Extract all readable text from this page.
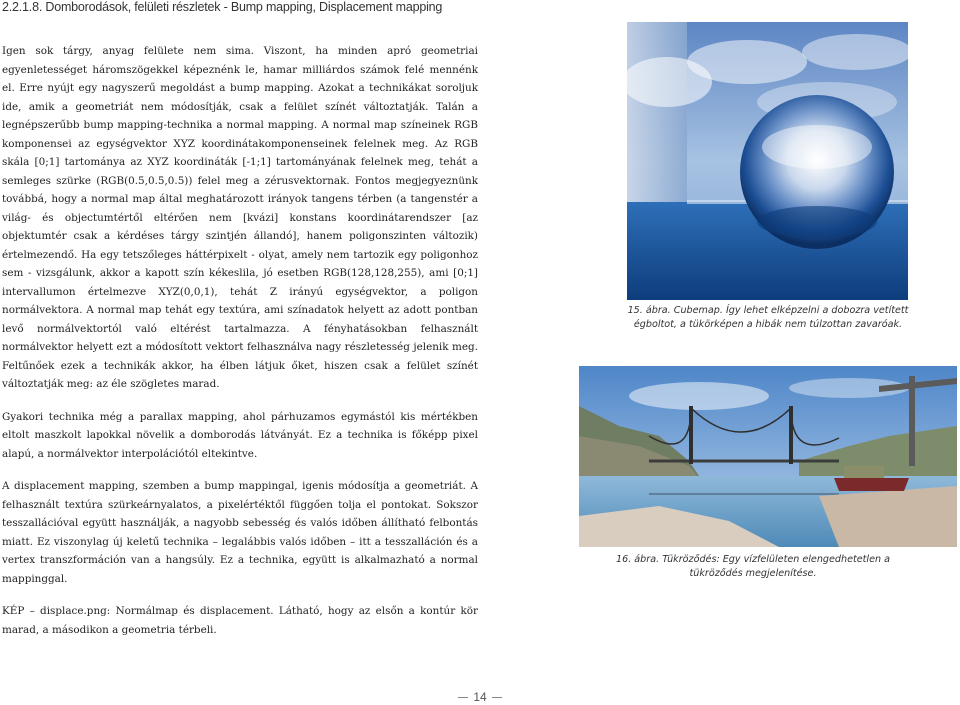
2.2.1.8. Domborodások, felületi részletek - Bump mapping, Displacement mapping

Igen sok tárgy, anyag felülete nem sima. Viszont, ha minden apró geometriai egyenletességet háromszögekkel képeznénk le, hamar milliárdos számok felé mennénk el. Erre nyújt egy nagyszerű megoldást a bump mapping. Azokat a technikákat soroljuk ide, amik a geometriát nem módosítják, csak a felület színét változtatják. Talán a legnépszerűbb bump mapping-technika a normal mapping. A normal map színeinek RGB komponensei az egységvektor XYZ koordinátakomponenseinek felelnek meg. Az RGB skála [0;1] tartománya az XYZ koordináták [-1;1] tartományának felelnek meg, tehát a semleges szürke (RGB(0.5,0.5,0.5)) felel meg a zérusvektornak. Fontos megjegyeznünk továbbá, hogy a normal map által meghatározott irányok tangens térben (a tangenstér a világ- és objectumtértől eltérően nem [kvázi] konstans koordinátarendszer [az objektumtér csak a kérdéses tárgy szintjén állandó], hanem poligonszinten változik) értelmezendő. Ha egy tetszőleges háttérpixelt - olyat, amely nem tartozik egy poligonhoz sem - vizsgálunk, akkor a kapott szín kékeslila, jó esetben RGB(128,128,255), ami [0;1] intervallumon értelmezve XYZ(0,0,1), tehát Z irányú egységvektor, a poligon normálvektora. A normal map tehát egy textúra, ami színadatok helyett az adott pontban levő normálvektortól való eltérést tartalmazza. A fényhatásokban felhasznált normálvektor helyett ezt a módosított vektort felhasználva nagy részletesség jelenik meg. Feltűnőek ezek a technikák akkor, ha élben látjuk őket, hiszen csak a felület színét változtatják meg: az éle szögletes marad.

Gyakori technika még a parallax mapping, ahol párhuzamos egymástól kis mértékben eltolt maszkolt lapokkal növelik a domborodás látványát. Ez a technika is főképp pixel alapú, a normálvektor interpolációtól eltekintve.

A displacement mapping, szemben a bump mappingal, igenis módosítja a geometriát. A felhasznált textúra szürkeárnyalatos, a pixelértéktől függően tolja el pontokat. Sokszor tesszallációval együtt használják, a nagyobb sebesség és valós időben állítható felbontás miatt. Ez viszonylag új keletű technika – legalábbis valós időben – itt a tesszalláción és a vertex transzformáción van a hangsúly. Ez a technika, együtt is alkalmazható a normal mappinggal.

KÉP – displace.png: Normálmap és displacement. Látható, hogy az elsőn a kontúr kör marad, a másodikon a geometria térbeli.

15. ábra. Cubemap. Így lehet elképzelni a dobozra vetített
égboltot, a tükörképen a hibák nem túlzottan zavaróak.
16. ábra. Tükröződés: Egy vízfelületen elengedhetetlen a
tükröződés megjelenítése.
14
